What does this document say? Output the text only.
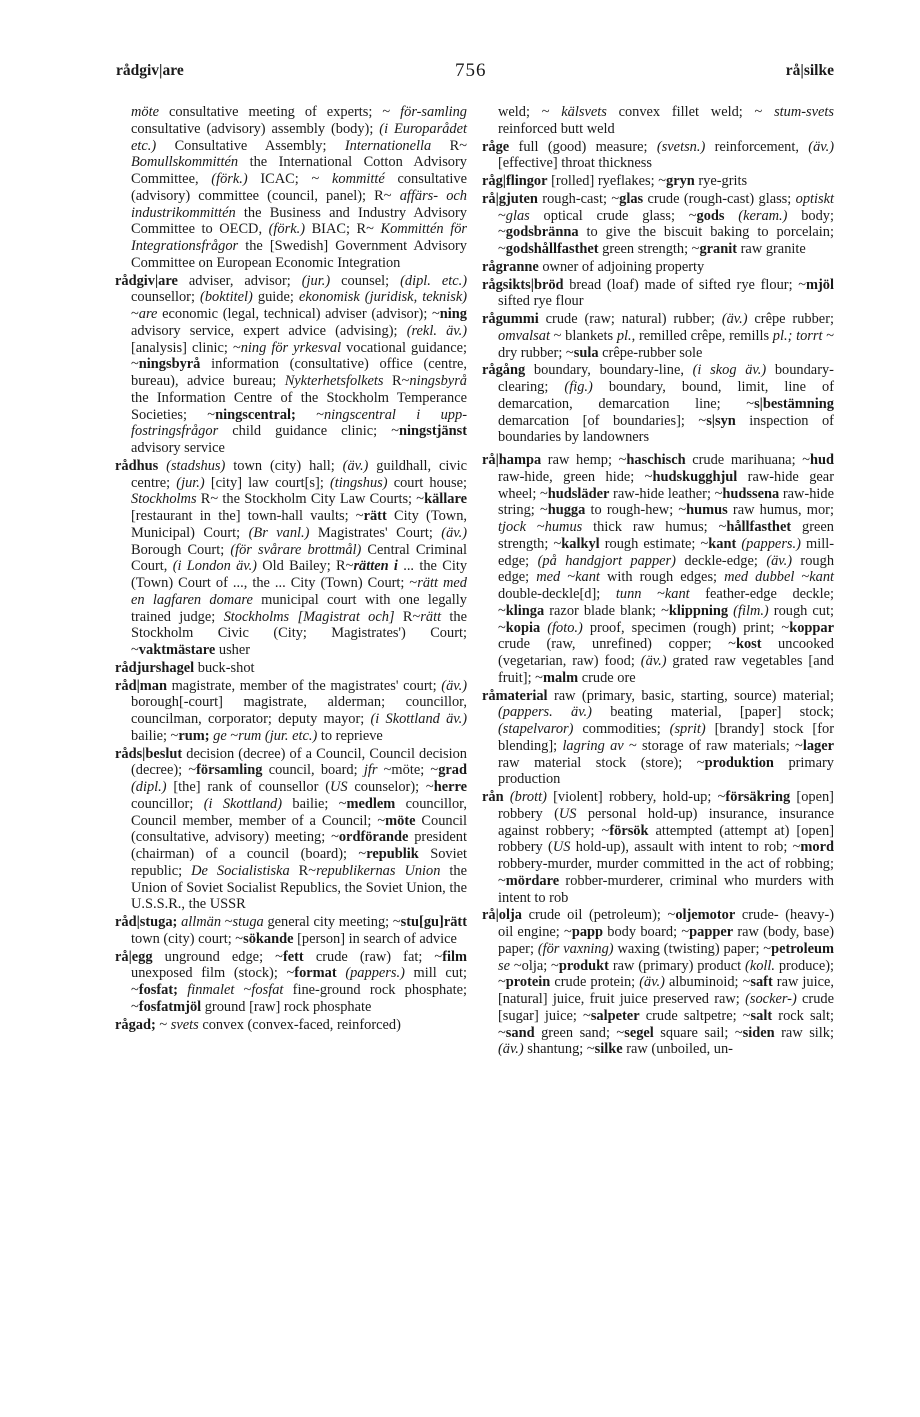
rådgiv|are	756	rå|silke

möte consultative meeting of experts; ~ för-samling consultative (advisory) assembly (body); (i Europarådet etc.) Consultative Assembly; Internationella R~ Bomullskommittén the International Cotton Advisory Committee, (förk.) ICAC; ~ kommitté consultative (advisory) committee (council, panel); R~ affärs- och industrikommittén the Business and Industry Advisory Committee to OECD, (förk.) BIAC; R~ Kommittén för Integrationsfrågor the [Swedish] Government Advisory Committee on European Economic Integration

rådgiv|are adviser, advisor; (jur.) counsel; (dipl. etc.) counsellor; (boktitel) guide; ekonomisk (juridisk, teknisk) ~are economic (legal, technical) adviser (advisor); ~ning advisory service, expert advice (advising); (rekl. äv.) [analysis] clinic; ~ning för yrkesval vocational guidance; ~ningsbyrå information (consultative) office (centre, bureau), advice bureau; Nykterhetsfolkets R~ningsbyrå the Information Centre of the Stockholm Temperance Societies; ~ningscentral; ~ningscentral i upp-fostringsfrågor child guidance clinic; ~ningstjänst advisory service

rådhus (stadshus) town (city) hall; (äv.) guildhall, civic centre; (jur.) [city] law court[s]; (tingshus) court house; Stockholms R~ the Stockholm City Law Courts; ~källare [restaurant in the] town-hall vaults; ~rätt City (Town, Municipal) Court; (Br vanl.) Magistrates' Court; (äv.) Borough Court; (för svårare brottmål) Central Criminal Court, (i London äv.) Old Bailey; R~rätten i ... the City (Town) Court of ..., the ... City (Town) Court; ~rätt med en lagfaren domare municipal court with one legally trained judge; Stockholms [Magistrat och] R~rätt the Stockholm Civic (City; Magistrates') Court; ~vaktmästare usher

rådjurshagel buck-shot

råd|man magistrate, member of the magistrates' court; (äv.) borough[-court] magistrate, alderman; councillor, councilman, corporator; deputy mayor; (i Skottland äv.) bailie; ~rum; ge ~rum (jur. etc.) to reprieve

råds|beslut decision (decree) of a Council, Council decision (decree); ~församling council, board; jfr ~möte; ~grad (dipl.) [the] rank of counsellor (US counselor); ~herre councillor; (i Skottland) bailie; ~medlem councillor, Council member, member of a Council; ~möte Council (consultative, advisory) meeting; ~ordförande president (chairman) of a council (board); ~republik Soviet republic; De Socialistiska R~republikernas Union the Union of Soviet Socialist Republics, the Soviet Union, the U.S.S.R., the USSR

råd|stuga; allmän ~stuga general city meeting; ~stu[gu]rätt town (city) court; ~sökande [person] in search of advice

rå|egg unground edge; ~fett crude (raw) fat; ~film unexposed film (stock); ~format (pappers.) mill cut; ~fosfat; finmalet ~fosfat fine-ground rock phosphate; ~fosfatmjöl ground [raw] rock phosphate

rågad; ~ svets convex (convex-faced, reinforced)

weld; ~ kälsvets convex fillet weld; ~ stum-svets reinforced butt weld

råge full (good) measure; (svetsn.) reinforcement, (äv.) [effective] throat thickness

råg|flingor [rolled] ryeflakes; ~gryn rye-grits

rå|gjuten rough-cast; ~glas crude (rough-cast) glass; optiskt ~glas optical crude glass; ~gods (keram.) body; ~godsbränna to give the biscuit baking to porcelain; ~godshållfasthet green strength; ~granit raw granite

rågranne owner of adjoining property

rågsikts|bröd bread (loaf) made of sifted rye flour; ~mjöl sifted rye flour

rågummi crude (raw; natural) rubber; (äv.) crêpe rubber; omvalsat ~ blankets pl., remilled crêpe, remills pl.; torrt ~ dry rubber; ~sula crêpe-rubber sole

rågång boundary, boundary-line, (i skog äv.) boundary-clearing; (fig.) boundary, bound, limit, line of demarcation, demarcation line; ~s|bestämning demarcation [of boundaries]; ~s|syn inspection of boundaries by landowners

rå|hampa raw hemp; ~haschisch crude marihuana; ~hud raw-hide, green hide; ~hudskugghjul raw-hide gear wheel; ~hudsläder raw-hide leather; ~hudssena raw-hide string; ~hugga to rough-hew; ~humus raw humus, mor; tjock ~humus thick raw humus; ~hållfasthet green strength; ~kalkyl rough estimate; ~kant (pappers.) mill-edge; (på handgjort papper) deckle-edge; (äv.) rough edge; med ~kant with rough edges; med dubbel ~kant double-deckle[d]; tunn ~kant feather-edge deckle; ~klinga razor blade blank; ~klippning (film.) rough cut; ~kopia (foto.) proof, specimen (rough) print; ~koppar crude (raw, unrefined) copper; ~kost uncooked (vegetarian, raw) food; (äv.) grated raw vegetables [and fruit]; ~malm crude ore

råmaterial raw (primary, basic, starting, source) material; (pappers. äv.) beating material, [paper] stock; (stapelvaror) commodities; (sprit) [brandy] stock [for blending]; lagring av ~ storage of raw materials; ~lager raw material stock (store); ~produktion primary production

rån (brott) [violent] robbery, hold-up; ~försäkring [open] robbery (US personal hold-up) insurance, insurance against robbery; ~försök attempted (attempt at) [open] robbery (US hold-up), assault with intent to rob; ~mord robbery-murder, murder committed in the act of robbing; ~mördare robber-murderer, criminal who murders with intent to rob

rå|olja crude oil (petroleum); ~oljemotor crude- (heavy-) oil engine; ~papp body board; ~papper raw (body, base) paper; (för vaxning) waxing (twisting) paper; ~petroleum se ~olja; ~produkt raw (primary) product (koll. produce); ~protein crude protein; (äv.) albuminoid; ~saft raw juice, [natural] juice, fruit juice preserved raw; (socker-) crude [sugar] juice; ~salpeter crude saltpetre; ~salt rock salt; ~sand green sand; ~segel square sail; ~siden raw silk; (äv.) shantung; ~silke raw (unboiled, un-
